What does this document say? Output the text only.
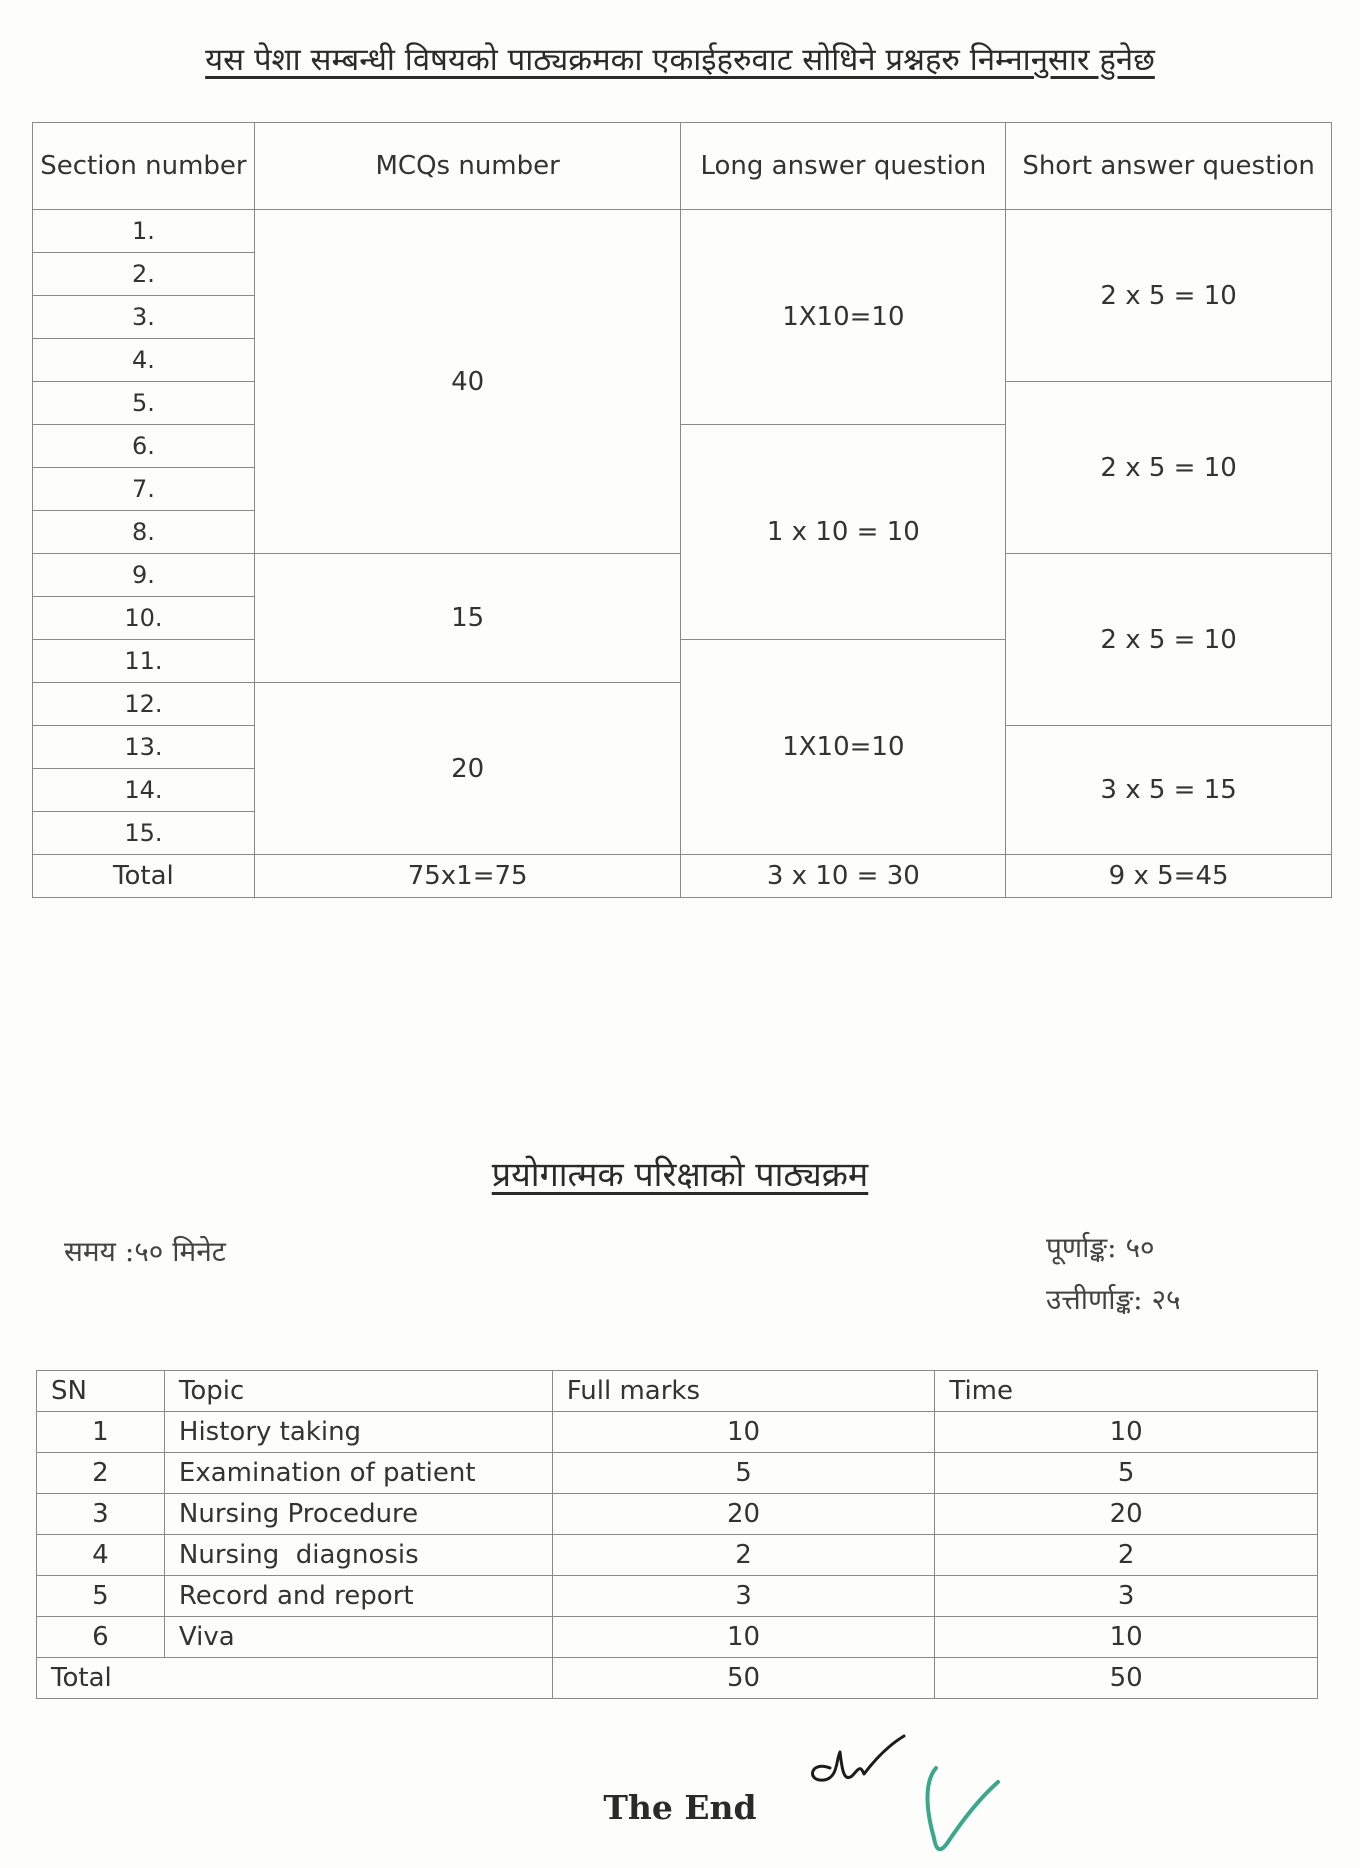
यस पेशा सम्बन्धी विषयको पाठ्यक्रमका एकाईहरुवाट सोधिने प्रश्नहरु निम्नानुसार हुनेछ
Section number	MCQs number	Long answer question	Short answer question
1.	40	1X10=10	2 x 5 = 10
2.			
3.			
4.			
5.			2 x 5 = 10
6.		1 x 10 = 10	
7.			
8.			
9.	15		2 x 5 = 10
10.			
11.		1X10=10	
12.	20		
13.			3 x 5 = 15
14.			
15.			
Total	75x1=75	3 x 10 = 30	9 x 5=45
प्रयोगात्मक परिक्षाको पाठ्यक्रम
समय :५० मिनेट	पूर्णाङ्क: ५०
उत्तीर्णाङ्क: २५
SN	Topic	Full marks	Time
1	History taking	10	10
2	Examination of patient	5	5
3	Nursing Procedure	20	20
4	Nursing  diagnosis	2	2
5	Record and report	3	3
6	Viva	10	10
Total		50	50
The End
